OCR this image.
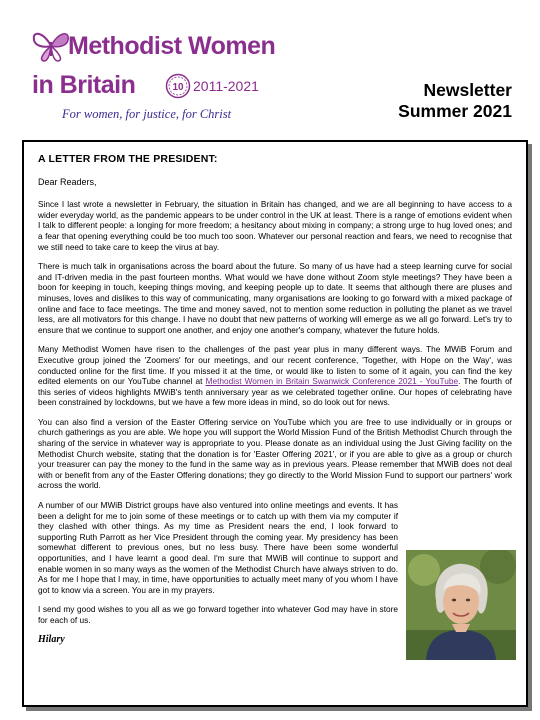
Methodist Women
in Britain	10 2011-2021
For women, for justice, for Christ
Newsletter
Summer 2021
A LETTER FROM THE PRESIDENT:
Dear Readers,

Since I last wrote a newsletter in February, the situation in Britain has changed, and we are all beginning to have access to a wider everyday world, as the pandemic appears to be under control in the UK at least. There is a range of emotions evident when I talk to different people: a longing for more freedom; a hesitancy about mixing in company; a strong urge to hug loved ones; and a fear that opening everything could be too much too soon. Whatever our personal reaction and fears, we need to recognise that we still need to take care to keep the virus at bay.

There is much talk in organisations across the board about the future. So many of us have had a steep learning curve for social and IT-driven media in the past fourteen months. What would we have done without Zoom style meetings? They have been a boon for keeping in touch, keeping things moving, and keeping people up to date. It seems that although there are pluses and minuses, loves and dislikes to this way of communicating, many organisations are looking to go forward with a mixed package of online and face to face meetings. The time and money saved, not to mention some reduction in polluting the planet as we travel less, are all motivators for this change. I have no doubt that new patterns of working will emerge as we all go forward. Let's try to ensure that we continue to support one another, and enjoy one another's company, whatever the future holds.

Many Methodist Women have risen to the challenges of the past year plus in many different ways. The MWiB Forum and Executive group joined the 'Zoomers' for our meetings, and our recent conference, 'Together, with Hope on the Way', was conducted online for the first time. If you missed it at the time, or would like to listen to some of it again, you can find the key edited elements on our YouTube channel at Methodist Women in Britain Swanwick Conference 2021 - YouTube. The fourth of this series of videos highlights MWiB's tenth anniversary year as we celebrated together online. Our hopes of celebrating have been constrained by lockdowns, but we have a few more ideas in mind, so do look out for news.

You can also find a version of the Easter Offering service on YouTube which you are free to use individually or in groups or church gatherings as you are able. We hope you will support the World Mission Fund of the British Methodist Church through the sharing of the service in whatever way is appropriate to you. Please donate as an individual using the Just Giving facility on the Methodist Church website, stating that the donation is for 'Easter Offering 2021', or if you are able to give as a group or church your treasurer can pay the money to the fund in the same way as in previous years. Please remember that MWiB does not deal with or benefit from any of the Easter Offering donations; they go directly to the World Mission Fund to support our partners' work across the world.

A number of our MWiB District groups have also ventured into online meetings and events. It has been a delight for me to join some of these meetings or to catch up with them via my computer if they clashed with other things. As my time as President nears the end, I look forward to supporting Ruth Parrott as her Vice President through the coming year. My presidency has been somewhat different to previous ones, but no less busy. There have been some wonderful opportunities, and I have learnt a good deal. I'm sure that MWiB will continue to support and enable women in so many ways as the women of the Methodist Church have always striven to do. As for me I hope that I may, in time, have opportunities to actually meet many of you whom I have got to know via a screen. You are in my prayers.

I send my good wishes to you all as we go forward together into whatever God may have in store for each of us.

Hilary
